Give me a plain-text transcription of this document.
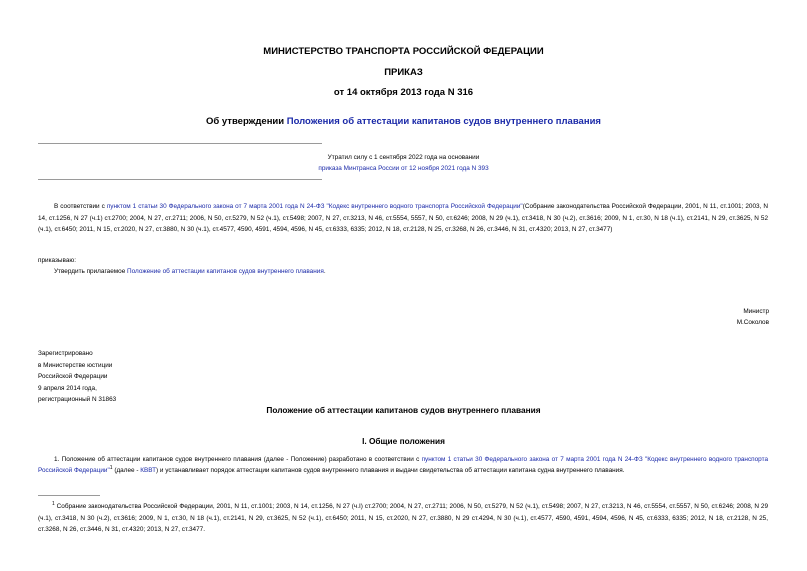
МИНИСТЕРСТВО ТРАНСПОРТА РОССИЙСКОЙ ФЕДЕРАЦИИ
ПРИКАЗ
от 14 октября 2013 года N 316
Об утверждении Положения об аттестации капитанов судов внутреннего плавания
Утратил силу с 1 сентября 2022 года на основании
приказа Минтранса России от 12 ноября 2021 года N 393
В соответствии с пунктом 1 статьи 30 Федерального закона от 7 марта 2001 года N 24-ФЗ "Кодекс внутреннего водного транспорта Российской Федерации"(Собрание законодательства Российской Федерации, 2001, N 11, ст.1001; 2003, N 14, ст.1256, N 27 (ч.1) ст.2700; 2004, N 27, ст.2711; 2006, N 50, ст.5279, N 52 (ч.1), ст.5498; 2007, N 27, ст.3213, N 46, ст.5554, 5557, N 50, ст.6246; 2008, N 29 (ч.1), ст.3418, N 30 (ч.2), ст.3616; 2009, N 1, ст.30, N 18 (ч.1), ст.2141, N 29, ст.3625, N 52 (ч.1), ст.6450; 2011, N 15, ст.2020, N 27, ст.3880, N 30 (ч.1), ст.4577, 4590, 4591, 4594, 4596, N 45, ст.6333, 6335; 2012, N 18, ст.2128, N 25, ст.3268, N 26, ст.3446, N 31, ст.4320; 2013, N 27, ст.3477)
приказываю:
Утвердить прилагаемое Положение об аттестации капитанов судов внутреннего плавания.
Министр
М.Соколов
Зарегистрировано
в Министерстве юстиции
Российской Федерации
9 апреля 2014 года,
регистрационный N 31863
Положение об аттестации капитанов судов внутреннего плавания
I. Общие положения
1. Положение об аттестации капитанов судов внутреннего плавания (далее - Положение) разработано в соответствии с пунктом 1 статьи 30 Федерального закона от 7 марта 2001 года N 24-ФЗ "Кодекс внутреннего водного транспорта Российской Федерации"$^1$ (далее - КВВТ) и устанавливает порядок аттестации капитанов судов внутреннего плавания и выдачи свидетельства об аттестации капитана судна внутреннего плавания.
$^1$ Собрание законодательства Российской Федерации, 2001, N 11, ст.1001; 2003, N 14, ст.1256, N 27 (ч.I) ст.2700; 2004, N 27, ст.2711; 2006, N 50, ст.5279, N 52 (ч.1), ст.5498; 2007, N 27, ст.3213, N 46, ст.5554, ст.5557, N 50, ст.6246; 2008, N 29 (ч.1), ст.3418, N 30 (ч.2), ст.3616; 2009, N 1, ст.30, N 18 (ч.1), ст.2141, N 29, ст.3625, N 52 (ч.1), ст.6450; 2011, N 15, ст.2020, N 27, ст.3880, N 29 ст.4294, N 30 (ч.1), ст.4577, 4590, 4591, 4594, 4596, N 45, ст.6333, 6335; 2012, N 18, ст.2128, N 25, ст.3268, N 26, ст.3446, N 31, ст.4320; 2013, N 27, ст.3477.
